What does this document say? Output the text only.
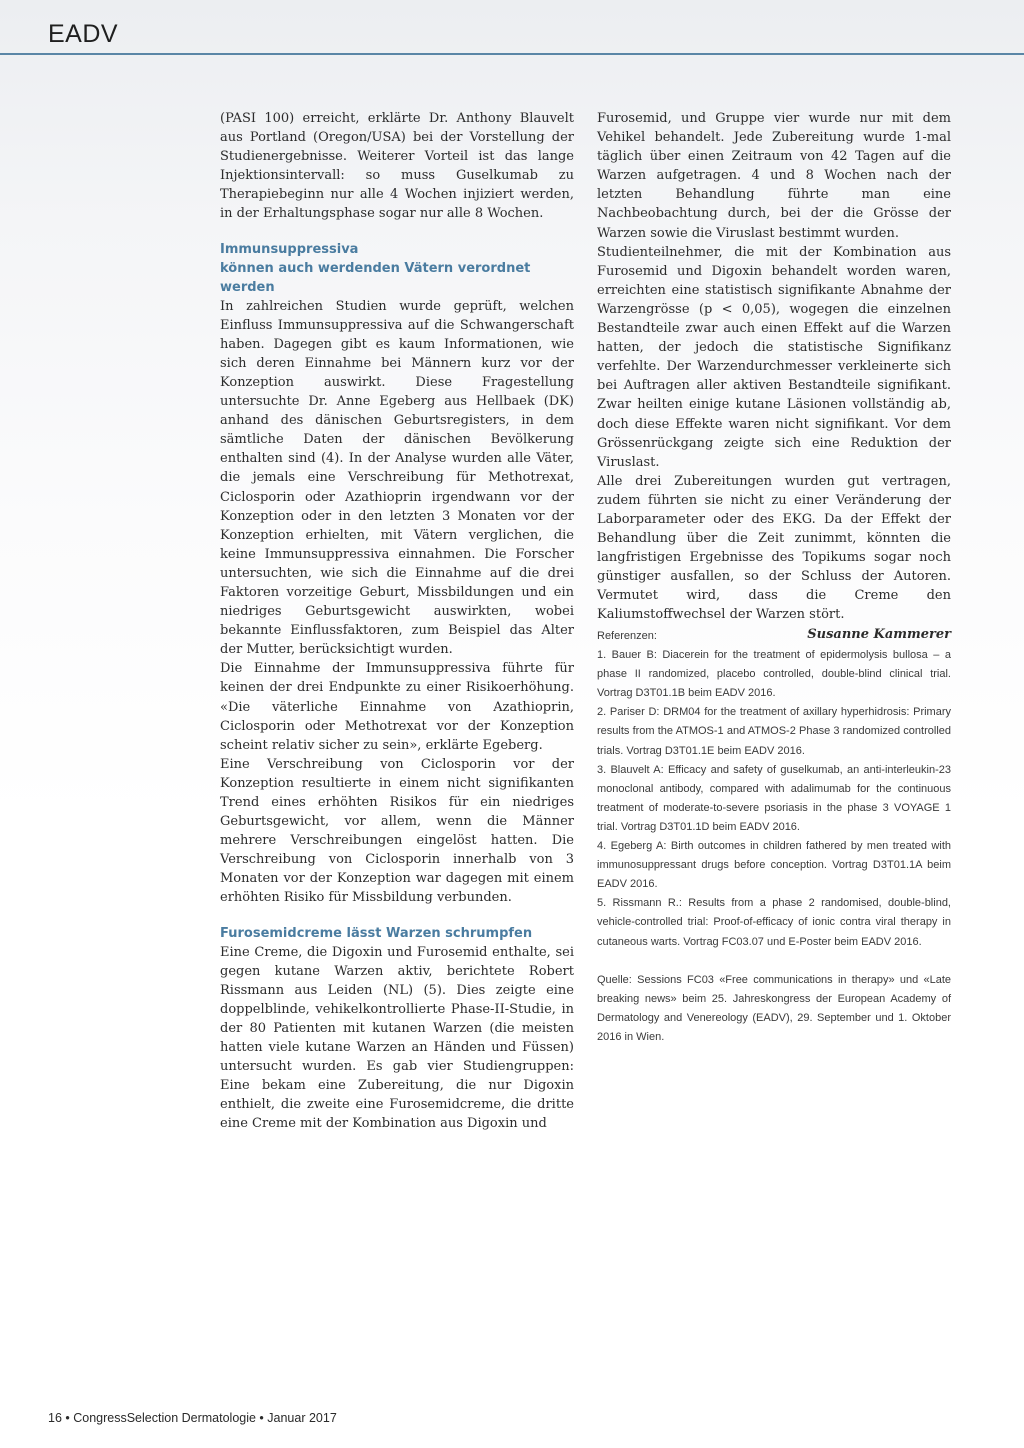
EADV

(PASI 100) erreicht, erklärte Dr. Anthony Blauvelt aus Portland (Oregon/USA) bei der Vorstellung der Studienergebnisse. Weiterer Vorteil ist das lange Injektionsintervall: so muss Guselkumab zu Therapiebeginn nur alle 4 Wochen injiziert werden, in der Erhaltungsphase sogar nur alle 8 Wochen.

Immunsuppressiva
können auch werdenden Vätern verordnet werden

In zahlreichen Studien wurde geprüft, welchen Einfluss Immunsuppressiva auf die Schwangerschaft haben. Dagegen gibt es kaum Informationen, wie sich deren Einnahme bei Männern kurz vor der Konzeption auswirkt. Diese Fragestellung untersuchte Dr. Anne Egeberg aus Hellbaek (DK) anhand des dänischen Geburtsregisters, in dem sämtliche Daten der dänischen Bevölkerung enthalten sind (4). In der Analyse wurden alle Väter, die jemals eine Verschreibung für Methotrexat, Ciclosporin oder Azathioprin irgendwann vor der Konzeption oder in den letzten 3 Monaten vor der Konzeption erhielten, mit Vätern verglichen, die keine Immunsuppressiva einnahmen. Die Forscher untersuchten, wie sich die Einnahme auf die drei Faktoren vorzeitige Geburt, Missbildungen und ein niedriges Geburtsgewicht auswirkten, wobei bekannte Einflussfaktoren, zum Beispiel das Alter der Mutter, berücksichtigt wurden.

Die Einnahme der Immunsuppressiva führte für keinen der drei Endpunkte zu einer Risikoerhöhung. «Die väterliche Einnahme von Azathioprin, Ciclosporin oder Methotrexat vor der Konzeption scheint relativ sicher zu sein», erklärte Egeberg.

Eine Verschreibung von Ciclosporin vor der Konzeption resultierte in einem nicht signifikanten Trend eines erhöhten Risikos für ein niedriges Geburtsgewicht, vor allem, wenn die Männer mehrere Verschreibungen eingelöst hatten. Die Verschreibung von Ciclosporin innerhalb von 3 Monaten vor der Konzeption war dagegen mit einem erhöhten Risiko für Missbildung verbunden.

Furosemidcreme lässt Warzen schrumpfen

Eine Creme, die Digoxin und Furosemid enthalte, sei gegen kutane Warzen aktiv, berichtete Robert Rissmann aus Leiden (NL) (5). Dies zeigte eine doppelblinde, vehikelkontrollierte Phase-II-Studie, in der 80 Patienten mit kutanen Warzen (die meisten hatten viele kutane Warzen an Händen und Füssen) untersucht wurden. Es gab vier Studiengruppen: Eine bekam eine Zubereitung, die nur Digoxin enthielt, die zweite eine Furosemidcreme, die dritte eine Creme mit der Kombination aus Digoxin und

Furosemid, und Gruppe vier wurde nur mit dem Vehikel behandelt. Jede Zubereitung wurde 1-mal täglich über einen Zeitraum von 42 Tagen auf die Warzen aufgetragen. 4 und 8 Wochen nach der letzten Behandlung führte man eine Nachbeobachtung durch, bei der die Grösse der Warzen sowie die Viruslast bestimmt wurden.

Studienteilnehmer, die mit der Kombination aus Furosemid und Digoxin behandelt worden waren, erreichten eine statistisch signifikante Abnahme der Warzengrösse (p < 0,05), wogegen die einzelnen Bestandteile zwar auch einen Effekt auf die Warzen hatten, der jedoch die statistische Signifikanz verfehlte. Der Warzendurchmesser verkleinerte sich bei Auftragen aller aktiven Bestandteile signifikant. Zwar heilten einige kutane Läsionen vollständig ab, doch diese Effekte waren nicht signifikant. Vor dem Grössenrückgang zeigte sich eine Reduktion der Viruslast.

Alle drei Zubereitungen wurden gut vertragen, zudem führten sie nicht zu einer Veränderung der Laborparameter oder des EKG. Da der Effekt der Behandlung über die Zeit zunimmt, könnten die langfristigen Ergebnisse des Topikums sogar noch günstiger ausfallen, so der Schluss der Autoren. Vermutet wird, dass die Creme den Kaliumstoffwechsel der Warzen stört.

Susanne Kammerer

Referenzen:

1. Bauer B: Diacerein for the treatment of epidermolysis bullosa – a phase II randomized, placebo controlled, double-blind clinical trial. Vortrag D3T01.1B beim EADV 2016.

2. Pariser D: DRM04 for the treatment of axillary hyperhidrosis: Primary results from the ATMOS-1 and ATMOS-2 Phase 3 randomized controlled trials. Vortrag D3T01.1E beim EADV 2016.

3. Blauvelt A: Efficacy and safety of guselkumab, an anti-interleukin-23 monoclonal antibody, compared with adalimumab for the continuous treatment of moderate-to-severe psoriasis in the phase 3 VOYAGE 1 trial. Vortrag D3T01.1D beim EADV 2016.

4. Egeberg A: Birth outcomes in children fathered by men treated with immunosuppressant drugs before conception. Vortrag D3T01.1A beim EADV 2016.

5. Rissmann R.: Results from a phase 2 randomised, double-blind, vehicle-controlled trial: Proof-of-efficacy of ionic contra viral therapy in cutaneous warts. Vortrag FC03.07 und E-Poster beim EADV 2016.

Quelle: Sessions FC03 «Free communications in therapy» und «Late breaking news» beim 25. Jahreskongress der European Academy of Dermatology and Venereology (EADV), 29. September und 1. Oktober 2016 in Wien.

16 • CongressSelection Dermatologie • Januar 2017
